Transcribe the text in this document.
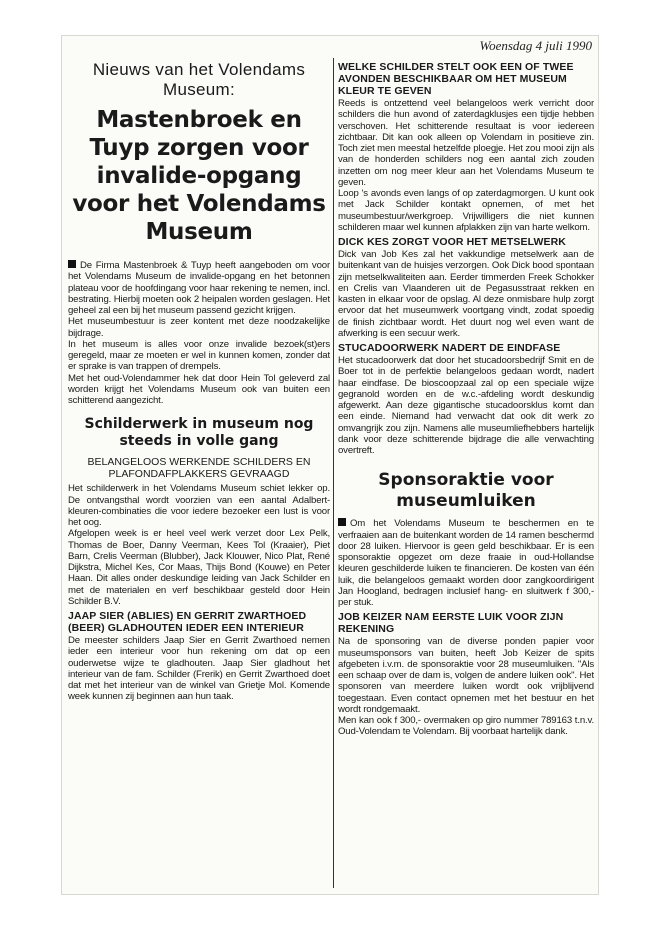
Woensdag 4 juli 1990
Nieuws van het Volendams Museum:
Mastenbroek en Tuyp zorgen voor invalide-opgang voor het Volendams Museum

De Firma Mastenbroek & Tuyp heeft aangeboden om voor het Volendams Museum de invalide-opgang en het betonnen plateau voor de hoofdingang voor haar rekening te nemen, incl. bestrating. Hierbij moeten ook 2 heipalen worden geslagen. Het geheel zal een bij het museum passend gezicht krijgen.

Het museumbestuur is zeer kontent met deze noodzakelijke bijdrage.

In het museum is alles voor onze invalide bezoek(st)ers geregeld, maar ze moeten er wel in kunnen komen, zonder dat er sprake is van trappen of drempels.

Met het oud-Volendammer hek dat door Hein Tol geleverd zal worden krijgt het Volendams Museum ook van buiten een schitterend aangezicht.

Schilderwerk in museum nog steeds in volle gang
BELANGELOOS WERKENDE SCHILDERS EN PLAFONDAFPLAKKERS GEVRAAGD

Het schilderwerk in het Volendams Museum schiet lekker op. De ontvangsthal wordt voorzien van een aantal Adalbert-kleuren-combinaties die voor iedere bezoeker een lust is voor het oog.

Afgelopen week is er heel veel werk verzet door Lex Pelk, Thomas de Boer, Danny Veerman, Kees Tol (Kraaier), Piet Barn, Crelis Veerman (Blubber), Jack Klouwer, Nico Plat, René Dijkstra, Michel Kes, Cor Maas, Thijs Bond (Kouwe) en Peter Haan. Dit alles onder deskundige leiding van Jack Schilder en met de materialen en verf beschikbaar gesteld door Hein Schilder B.V.

JAAP SIER (ABLIES) EN GERRIT ZWARTHOED (BEER) GLADHOUTEN IEDER EEN INTERIEUR

De meester schilders Jaap Sier en Gerrit Zwarthoed nemen ieder een interieur voor hun rekening om dat op een ouderwetse wijze te gladhouten. Jaap Sier gladhout het interieur van de fam. Schilder (Frerik) en Gerrit Zwarthoed doet dat met het interieur van de winkel van Grietje Mol. Komende week kunnen zij beginnen aan hun taak.

WELKE SCHILDER STELT OOK EEN OF TWEE AVONDEN BESCHIKBAAR OM HET MUSEUM KLEUR TE GEVEN

Reeds is ontzettend veel belangeloos werk verricht door schilders die hun avond of zaterdagklusjes een tijdje hebben verschoven. Het schitterende resultaat is voor iedereen zichtbaar. Dit kan ook alleen op Volendam in positieve zin. Toch ziet men meestal hetzelfde ploegje. Het zou mooi zijn als van de honderden schilders nog een aantal zich zouden inzetten om nog meer kleur aan het Volendams Museum te geven.

Loop 's avonds even langs of op zaterdagmorgen. U kunt ook met Jack Schilder kontakt opnemen, of met het museumbestuur/werkgroep. Vrijwilligers die niet kunnen schilderen maar wel kunnen afplakken zijn van harte welkom.

DICK KES ZORGT VOOR HET METSELWERK

Dick van Job Kes zal het vakkundige metselwerk aan de buitenkant van de huisjes verzorgen. Ook Dick bood spontaan zijn metselkwaliteiten aan. Eerder timmerden Freek Schokker en Crelis van Vlaanderen uit de Pegasusstraat rekken en kasten in elkaar voor de opslag. Al deze onmisbare hulp zorgt ervoor dat het museumwerk voortgang vindt, zodat spoedig de finish zichtbaar wordt. Het duurt nog wel even want de afwerking is een secuur werk.

STUCADOORWERK NADERT DE EINDFASE

Het stucadoorwerk dat door het stucadoorsbedrijf Smit en de Boer tot in de perfektie belangeloos gedaan wordt, nadert haar eindfase. De bioscoopzaal zal op een speciale wijze gegranold worden en de w.c.-afdeling wordt deskundig afgewerkt. Aan deze gigantische stucadoorsklus komt dan een einde. Niemand had verwacht dat ook dit werk zo omvangrijk zou zijn. Namens alle museumliefhebbers hartelijk dank voor deze schitterende bijdrage die alle verwachting overtreft.

Sponsoraktie voor museumluiken

Om het Volendams Museum te beschermen en te verfraaien aan de buitenkant worden de 14 ramen beschermd door 28 luiken. Hiervoor is geen geld beschikbaar. Er is een sponsoraktie opgezet om deze fraaie in oud-Hollandse kleuren geschilderde luiken te financieren. De kosten van één luik, die belangeloos gemaakt worden door zangkoordirigent Jan Hoogland, bedragen inclusief hang- en sluitwerk f 300,- per stuk.

JOB KEIZER NAM EERSTE LUIK VOOR ZIJN REKENING

Na de sponsoring van de diverse ponden papier voor museumsponsors van buiten, heeft Job Keizer de spits afgebeten i.v.m. de sponsoraktie voor 28 museumluiken. "Als een schaap over de dam is, volgen de andere luiken ook". Het sponsoren van meerdere luiken wordt ook vrijblijvend toegestaan. Even contact opnemen met het bestuur en het wordt rondgemaakt.

Men kan ook f 300,- overmaken op giro nummer 789163 t.n.v. Oud-Volendam te Volendam. Bij voorbaat hartelijk dank.
